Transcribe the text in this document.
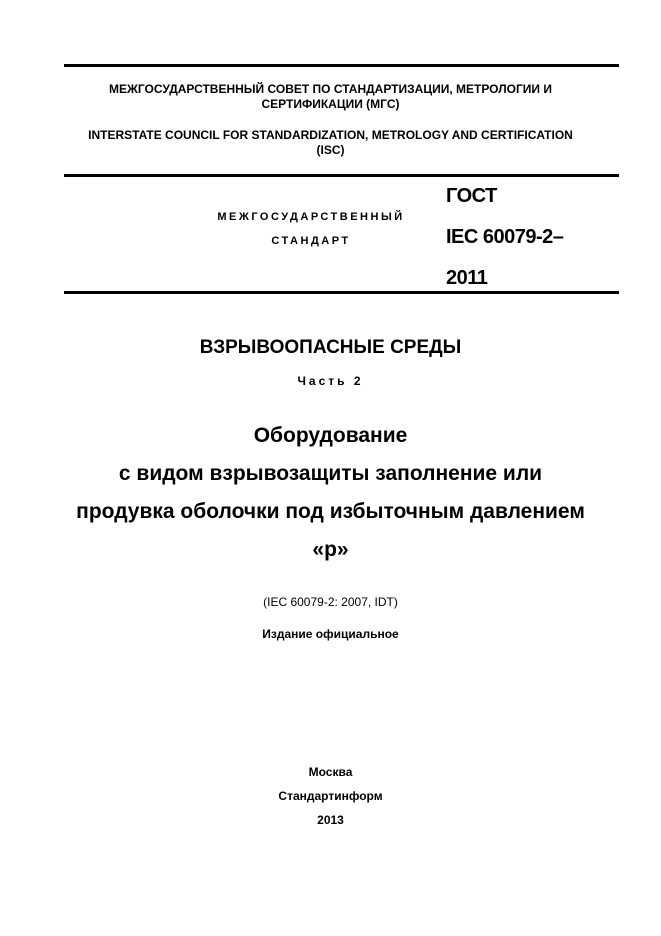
МЕЖГОСУДАРСТВЕННЫЙ СОВЕТ ПО СТАНДАРТИЗАЦИИ, МЕТРОЛОГИИ И
СЕРТИФИКАЦИИ (МГС)
INTERSTATE COUNCIL FOR STANDARDIZATION, METROLOGY AND CERTIFICATION
(ISC)
МЕЖГОСУДАРСТВЕННЫЙ
СТАНДАРТ
ГОСТ
IEC 60079-2–
2011
ВЗРЫВООПАСНЫЕ СРЕДЫ
Часть 2
Оборудование
с видом взрывозащиты заполнение или
продувка оболочки под избыточным давлением
«р»
(IEC 60079-2: 2007, IDT)
Издание официальное
Москва
Стандартинформ
2013
